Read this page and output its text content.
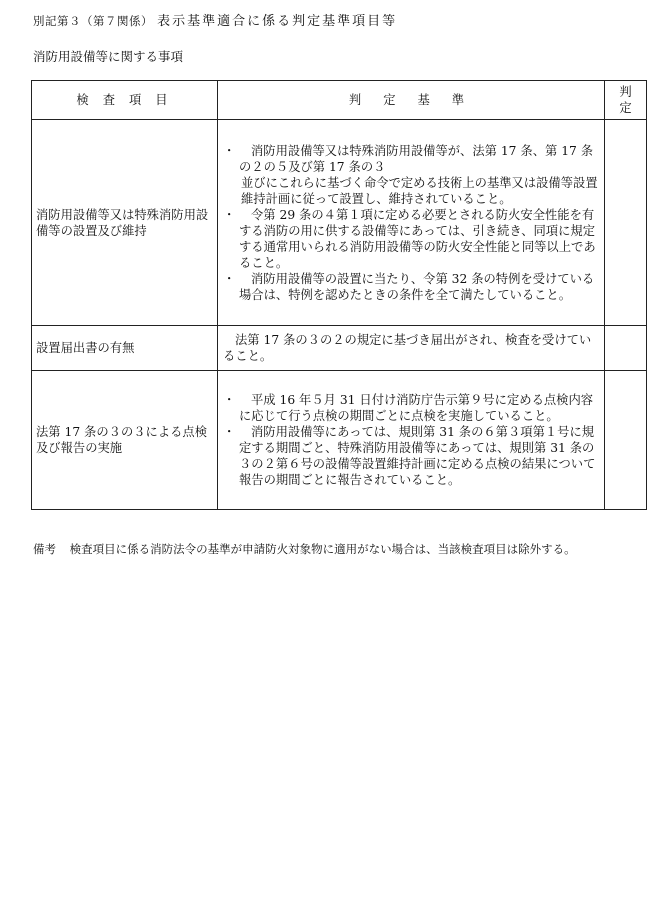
別記第３（第７関係） 表示基準適合に係る判定基準項目等
消防用設備等に関する事項
検査項目	判定基準	判
定

消防用設備等又は特殊消防用設備等の設置及び維持	・ 消防用設備等又は特殊消防用設備等が、法第 17 条、第 17 条の２の５及び第 17 条の３
並びにこれらに基づく命令で定める技術上の基準又は設備等設置維持計画に従って設置し、維持されていること。
・ 令第 29 条の４第１項に定める必要とされる防火安全性能を有する消防の用に供する設備等にあっては、引き続き、同項に規定する通常用いられる消防用設備等の防火安全性能と同等以上であること。
・ 消防用設備等の設置に当たり、令第 32 条の特例を受けている場合は、特例を認めたときの条件を全て満たしていること。

設置届出書の有無	法第 17 条の３の２の規定に基づき届出がされ、検査を受けていること。	

法第 17 条の３の３による点検及び報告の実施	・ 平成 16 年５月 31 日付け消防庁告示第９号に定める点検内容に応じて行う点検の期間ごとに点検を実施していること。
・ 消防用設備等にあっては、規則第 31 条の６第３項第１号に規定する期間ごと、特殊消防用設備等にあっては、規則第 31 条の３の２第６号の設備等設置維持計画に定める点検の結果について報告の期間ごとに報告されていること。

備考 検査項目に係る消防法令の基準が申請防火対象物に適用がない場合は、当該検査項目は除外する。
